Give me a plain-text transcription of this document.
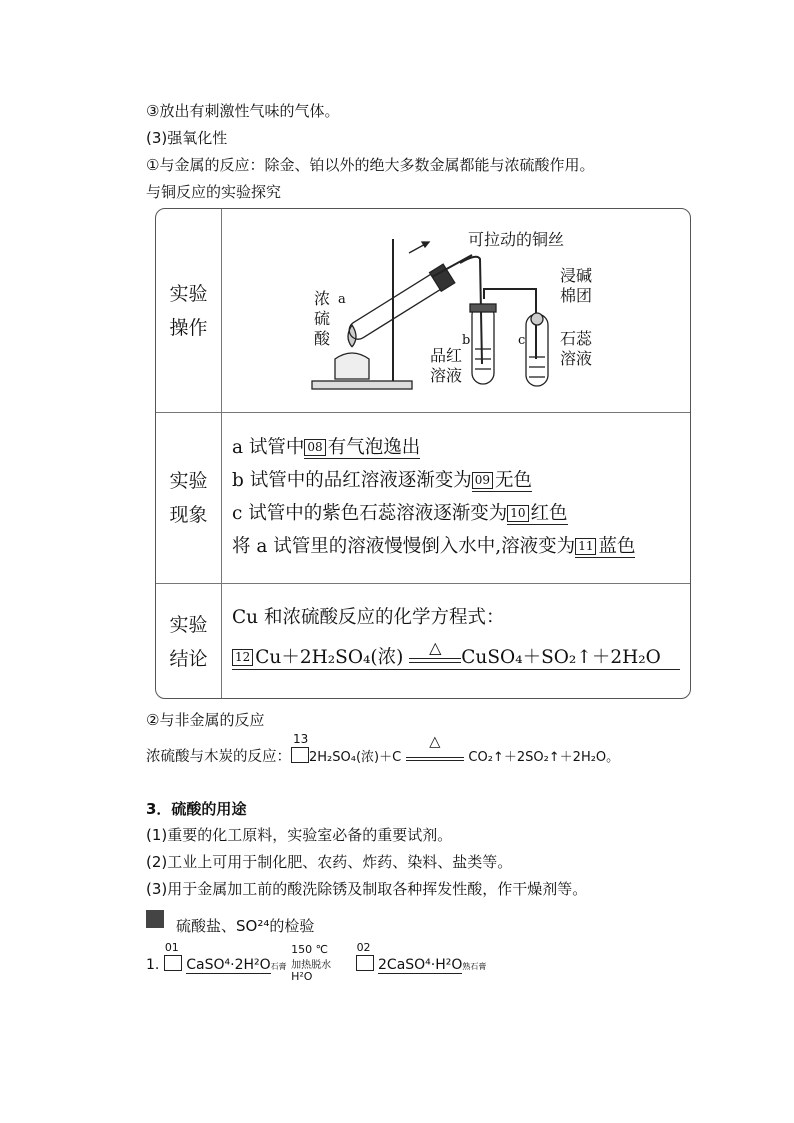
③放出有刺激性气味的气体。
(3)强氧化性
①与金属的反应：除金、铂以外的绝大多数金属都能与浓硫酸作用。
与铜反应的实验探究
实验操作
可拉动的铜丝
a
浓
硫
酸	b
品红
溶液
c
浸碱
棉团
石蕊
溶液
实验现象
a 试管中 08 有气泡逸出
b 试管中的品红溶液逐渐变为 09 无色
c 试管中的紫色石蕊溶液逐渐变为 10 红色
将 a 试管里的溶液慢慢倒入水中,溶液变为 11 蓝色
实验结论
Cu 和浓硫酸反应的化学方程式：
12 Cu＋2H₂SO₄(浓)	△	CuSO₄＋SO₂↑＋2H₂O
②与非金属的反应
浓硫酸与木炭的反应：
13
2H₂SO₄(浓)＋C
△
CO₂↑＋2SO₂↑＋2H₂O。
3．硫酸的用途
(1)重要的化工原料，实验室必备的重要试剂。
(2)工业上可用于制化肥、农药、炸药、染料、盐类等。
(3)用于金属加工前的酸洗除锈及制取各种挥发性酸，作干燥剂等。
硫酸盐、SO²⁴的检验
1.
01
CaSO⁴·2H²O石膏
150 ℃
加热脱水
H²O

02
2CaSO⁴·H²O熟石膏
